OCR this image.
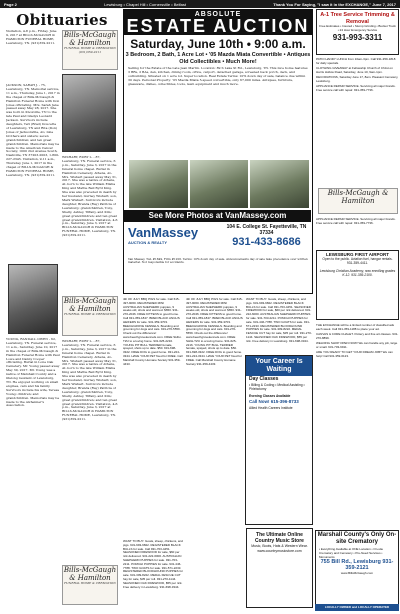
Page 2	Lewisburg • Chapel Hill • Cornersville • Belfast	Thank You For Saying, "I saw it in the EXCHANGE," June 7, 2017
Obituaries

Visitation, 4-8 p.m., Friday, June 9, 2017 at BILLS-McGAUGH & HAMILTON FUNERAL HOME, Lewisburg, TN. (931)359-2211.

Bills-McGaugh & Hamilton
FUNERAL HOME & CREMATION
(931)359-2211

JACKSON, SARAH J. - 75, Lewisburg, TN. Memorial service, 11 a.m., Thursday, June 1, 2017 in the chapel of Bills-McGaugh & Hamilton Funeral Home with Don Jones officiating. Mrs. Sarah Jane passed away May 28, 2017. She was born in Knoxville, TN to the late Paul and Gladys Leonard Jackson. Survivors include daughters, Teri (Brad) Doucette of Lewisburg, TN and Rita (Don) Jones of Jacksonville, AL; nine brothers and sisters; seven grandchildren; and ten great grandchildren. Memorials may be made to the American Cancer Society, 1000 2nd Avenue South, Nashville, TN 37203-2003, 1-800-227-2345. Visitation, 9-11 a.m., Thursday, June 1, 2017 in the chapel of BILLS-McGAUGH & HAMILTON FUNERAL HOME, Lewisburg, TN. (931)359-2211.

WISHART, RUBY L. - 87, Lewisburg, TN. Funeral service, 6 p.m., Saturday, June 3, 2017 in the funeral home chapel. Burial in Hamilton Cemetery, Athens, AL. Mrs. Wishart passed away May 31, 2017. She was a native of Athens, AL born to the late William Elisha King and Mattie Bell Byrd King. She was also preceded in death by her husband, Gurney Wishart; son, Mark Wishart. Survivors include daughter, Brenda (Ray) Patricia of Lewisburg; grandchildren, Tony, Shelly, Ashley, Tiffany, and Kim; great grandchildren; and ten great great grandchildren. Visitation, 4-6 p.m., Saturday, June 3, 2017 at BILLS-McGAUGH & HAMILTON FUNERAL HOME, Lewisburg, TN. (931)359-2211.

Bills-McGaugh & Hamilton
FUNERAL HOME & CREMATION

YOUNG, RANDALL OWEN - 62, Lewisburg, TN. Funeral service, 11 a.m., Saturday, June 10, 2017 in the chapel of Bills-McGaugh & Hamilton Funeral Home with Paul Lowe and Danny Cooper officiating. Burial in Lone Oak Cemetery. Mr. Young passed away May 30, 2017. Mr. Young was a native of Marshall County and a lifelong resident of Lewisburg, TN. He enjoyed working on small engines, cars and his family. Survivors include his wife, Teresa Young; children; and grandchildren. Memorials may be made to the Alzheimer's Association.

WISHART, RUBY L. - 87, Lewisburg, TN. Funeral service, 6 p.m., Saturday, June 3, 2017 in the funeral home chapel. Burial in Hamilton Cemetery, Athens, AL. Mrs. Wishart passed away May 31, 2017. She was a native of Athens, AL born to the late William Elisha King and Mattie Bell Byrd King. She was also preceded in death by her husband, Gurney Wishart; son, Mark Wishart. Survivors include daughter, Brenda (Ray) Patricia of Lewisburg; grandchildren, Tony, Shelly, Ashley, Tiffany, and Kim; great grandchildren; and ten great great grandchildren. Visitation, 4-6 p.m., Saturday, June 3, 2017 at BILLS-McGAUGH & HAMILTON FUNERAL HOME, Lewisburg, TN. (931)359-2211.

Bills-McGaugh & Hamilton
FUNERAL HOME & CREMATION
ABSOLUTE
ESTATE AUCTION
Saturday, June 10th • 9:00 a.m.
3 Bedroom, 2 Bath, 1 Acre Lot • '05 Mazda Miata Convertible • Antiques
Old Collectibles • Much More!
Selling for the Estate of the Late Jean Martin. Location: 89 S Lake St Rd., Lewisburg, TN. This nice home features 3 BRs, 2 BAs, den, kitchen, dining room, office, carport, detached garage, screened back porch, deck, and outbuilding. Situated on 1 acre lot. Super location. Real Estate Terms: 10% down day of sale, balance due within 30 days. Personal Property: '05 Mazda Miata 5-speed convertible, only 67,000 miles. Antiques, furniture, glassware, dishes, collectibles, tools, lawn equipment and much more.
See More Photos at VanMassey.com
VanMassey
AUCTION & REALTY
104 E. College St. Fayetteville, TN 37334
931-433-8686
Van Massey, TAL #1849, Firm #1916. Terms: 10% down day of sale. Announcements day of sale take precedence over written material. Not responsible for accidents.

4th OF JULY BBQ PIGS for sale. Call 615-497-9060. REGISTERED MINI AUSTRALIAN SHEPHERD puppies, 9 weeks old, shots and wormed. $650. 931-270-2046. FREE KITTENS to good home. Call 931-359-1847. BRED BLACK ANGUS HEIFERS for sale. 931-359-3703. BEECHGROVE KENNELS. Boarding and grooming for dogs and cats. 931-270-5559. Check out the difference! www.beechgrovekennels.com. FREE SHIH-TZU to a loving home. 931-625-2216. YOUNG PIT BULL TERRIER female, spayed, shots up to date. $50. 931-698-3322. FREE DOG to good home. 931-224-3344. HAVE YOUR PET fixed for FREE. Call Marshall County Humane Society 931-359-4433.

4th OF JULY BBQ PIGS for sale. Call 615-497-9060. REGISTERED MINI AUSTRALIAN SHEPHERD puppies, 9 weeks old, shots and wormed. $650. 931-270-2046. FREE KITTENS to good home. Call 931-359-1847. BRED BLACK ANGUS HEIFERS for sale. 931-359-3703. BEECHGROVE KENNELS. Boarding and grooming for dogs and cats. 931-270-5559. Check out the difference! www.beechgrovekennels.com. FREE SHIH-TZU to a loving home. 931-625-2216. YOUNG PIT BULL TERRIER female, spayed, shots up to date. $50. 931-698-3322. FREE DOG to good home. 931-224-3344. HAVE YOUR PET fixed for FREE. Call Marshall County Humane Society 931-359-4433.

WANT TO BUY: Goats, sheep, chickens, and pigs. 931-993-9822. REGISTERED BLACK BULLS for sale. Call 931-703-4451. SEASONED FIREWOOD for sale, $60 per rick delivered. 931-222-6000. AUSTRALIAN SHEPHERD PUPPIES for sale. 931-703-2211. POMCHI PUPPIES for sale. 931-446-7788. TWO GOATS for sale. 931-571-2233. REGISTERED BLOODHOUND PUPPIES for sale. 931-309-8222. MEDAL FESCUE CUT hay for sale, $35 per roll. 931-270-1144. SEASONED OAK FIREWOOD, $55 per rick. Free delivery in Lewisburg. 931-698-3344.

Your Career Is Waiting
Day Classes
• Billing & Coding • Medical Assisting • Phlebotomy
Evening Classes Available
Call Now! 615-396-8733
Allied Health Careers Institute

WANT TO BUY: Goats, sheep, chickens, and pigs. 931-993-9822. REGISTERED BLACK BULLS for sale. Call 931-703-4451. SEASONED FIREWOOD for sale, $60 per rick delivered. 931-222-6000. AUSTRALIAN SHEPHERD PUPPIES for sale. 931-703-2211. POMCHI PUPPIES for sale. 931-446-7788. TWO GOATS for sale. 931-571-2233. REGISTERED BLOODHOUND PUPPIES for sale. 931-309-8222. MEDAL FESCUE CUT hay for sale, $35 per roll. 931-270-1144. SEASONED OAK FIREWOOD, $55 per rick. Free delivery in Lewisburg. 931-698-3344.

The Ultimate Online Country Music Store
Music, Boots, Hats & Western Wear. www.countrymusicstore.com
A-1 Tree Service Trimming & Removal
Free Estimates • Insured • Stump Grinding • Bucket Truck • 24 Hour Emergency Service
931-993-3311

PATIO HANDY LUNCH from 10am-3pm. Call 931-359-1818 for daily specials.

CLOTHING GIVEAWAY at Fellowship Church of Christ on Harris Hollow Road, Saturday, June 10, 9am-1pm.

DECORATIONS, Saturday June 17, 8am. Pleasant Cemetery, Lewisburg.

APPLIANCE REPAIR SERVICE. Servicing all major brands. Free service call with repair. 931-359-7736.

Bills-McGaugh & Hamilton

APPLIANCE REPAIR SERVICE. Servicing all major brands. Free service call with repair. 931-359-7736.

LEWISBURG FIRST AIRPORT
Open to the public. Aviation fuel, hangar rentals. 931-359-4411.
Lewisburg Christian Academy, now enrolling grades K-12. 931-359-2100.

THE EXCHANGE will be a limited number of classified ads each week. Call 931-359-1188 to place your ad.

CANVAS & CORE CHALET. Pottery and fine art classes. 931-270-8899.

WELDING SHOP OPEN NOW! We can handle any job, large or small. 931-703-9911.

ARE YOU READY TO GET YOUR DREAM JOB? We can help! Call 931-359-6123.

Marshall County's Only On-site Crematory
• Everything Available at ONE Location • On-site Crematory and Cemetery • Pre-Need Services • Monuments
755 Bill Rd., Lewisburg 931-359-2121
www.BillsMcGaugh.com
LOCALLY OWNED and LOCALLY OPERATED
